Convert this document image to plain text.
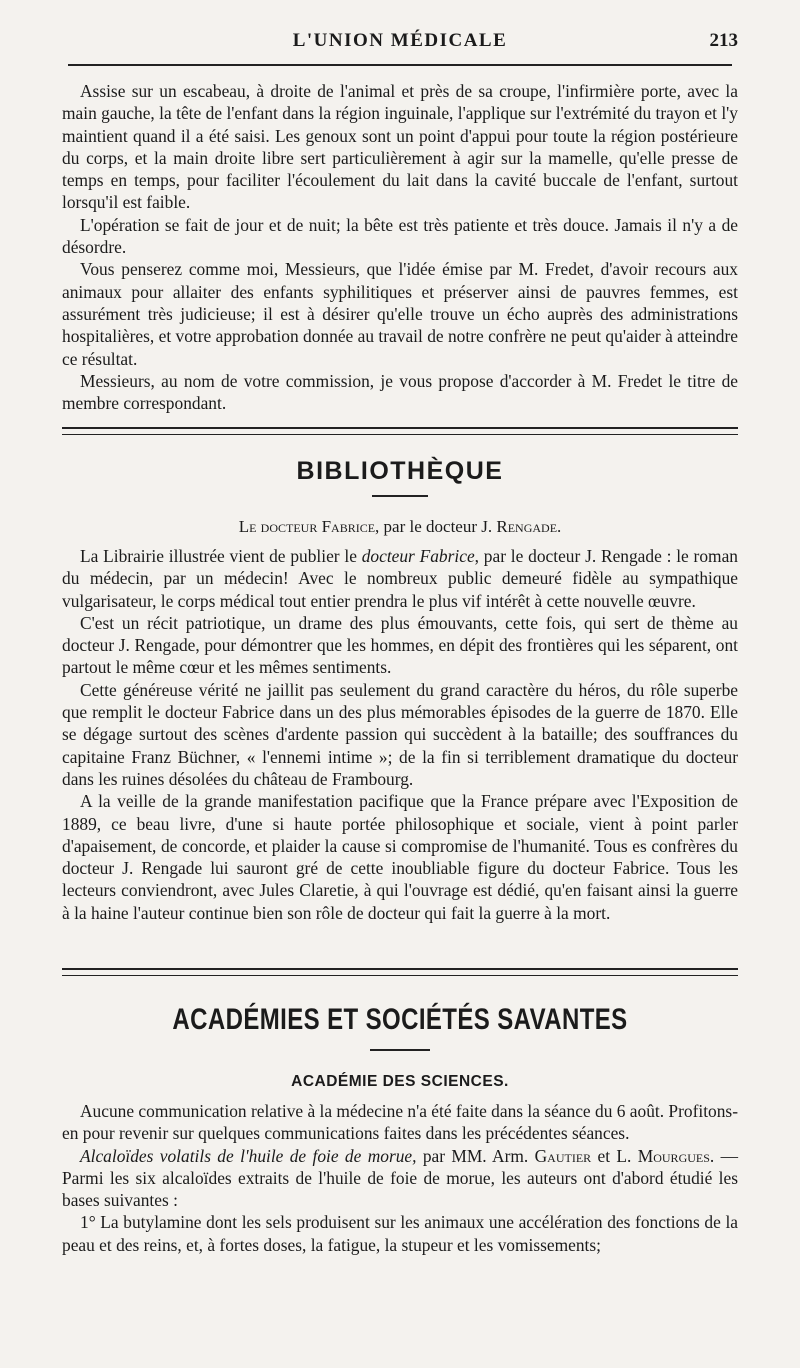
L'UNION MÉDICALE	213

Assise sur un escabeau, à droite de l'animal et près de sa croupe, l'infirmière porte, avec la main gauche, la tête de l'enfant dans la région inguinale, l'applique sur l'extrémité du trayon et l'y maintient quand il a été saisi. Les genoux sont un point d'appui pour toute la région postérieure du corps, et la main droite libre sert particulièrement à agir sur la mamelle, qu'elle presse de temps en temps, pour faciliter l'écoulement du lait dans la cavité buccale de l'enfant, surtout lorsqu'il est faible.

L'opération se fait de jour et de nuit; la bête est très patiente et très douce. Jamais il n'y a de désordre.

Vous penserez comme moi, Messieurs, que l'idée émise par M. Fredet, d'avoir recours aux animaux pour allaiter des enfants syphilitiques et préserver ainsi de pauvres femmes, est assurément très judicieuse; il est à désirer qu'elle trouve un écho auprès des administrations hospitalières, et votre approbation donnée au travail de notre confrère ne peut qu'aider à atteindre ce résultat.

Messieurs, au nom de votre commission, je vous propose d'accorder à M. Fredet le titre de membre correspondant.

BIBLIOTHÈQUE
Le docteur Fabrice, par le docteur J. Rengade.

La Librairie illustrée vient de publier le docteur Fabrice, par le docteur J. Rengade : le roman du médecin, par un médecin! Avec le nombreux public demeuré fidèle au sympathique vulgarisateur, le corps médical tout entier prendra le plus vif intérêt à cette nouvelle œuvre.

C'est un récit patriotique, un drame des plus émouvants, cette fois, qui sert de thème au docteur J. Rengade, pour démontrer que les hommes, en dépit des frontières qui les séparent, ont partout le même cœur et les mêmes sentiments.

Cette généreuse vérité ne jaillit pas seulement du grand caractère du héros, du rôle superbe que remplit le docteur Fabrice dans un des plus mémorables épisodes de la guerre de 1870. Elle se dégage surtout des scènes d'ardente passion qui succèdent à la bataille; des souffrances du capitaine Franz Büchner, « l'ennemi intime »; de la fin si terriblement dramatique du docteur dans les ruines désolées du château de Frambourg.

A la veille de la grande manifestation pacifique que la France prépare avec l'Exposition de 1889, ce beau livre, d'une si haute portée philosophique et sociale, vient à point parler d'apaisement, de concorde, et plaider la cause si compromise de l'humanité. Tous es confrères du docteur J. Rengade lui sauront gré de cette inoubliable figure du docteur Fabrice. Tous les lecteurs conviendront, avec Jules Claretie, à qui l'ouvrage est dédié, qu'en faisant ainsi la guerre à la haine l'auteur continue bien son rôle de docteur qui fait la guerre à la mort.

ACADÉMIES ET SOCIÉTÉS SAVANTES
ACADÉMIE DES SCIENCES.

Aucune communication relative à la médecine n'a été faite dans la séance du 6 août. Profitons-en pour revenir sur quelques communications faites dans les précédentes séances.

Alcaloïdes volatils de l'huile de foie de morue, par MM. Arm. Gautier et L. Mourgues. — Parmi les six alcaloïdes extraits de l'huile de foie de morue, les auteurs ont d'abord étudié les bases suivantes :

1° La butylamine dont les sels produisent sur les animaux une accélération des fonctions de la peau et des reins, et, à fortes doses, la fatigue, la stupeur et les vomissements;
